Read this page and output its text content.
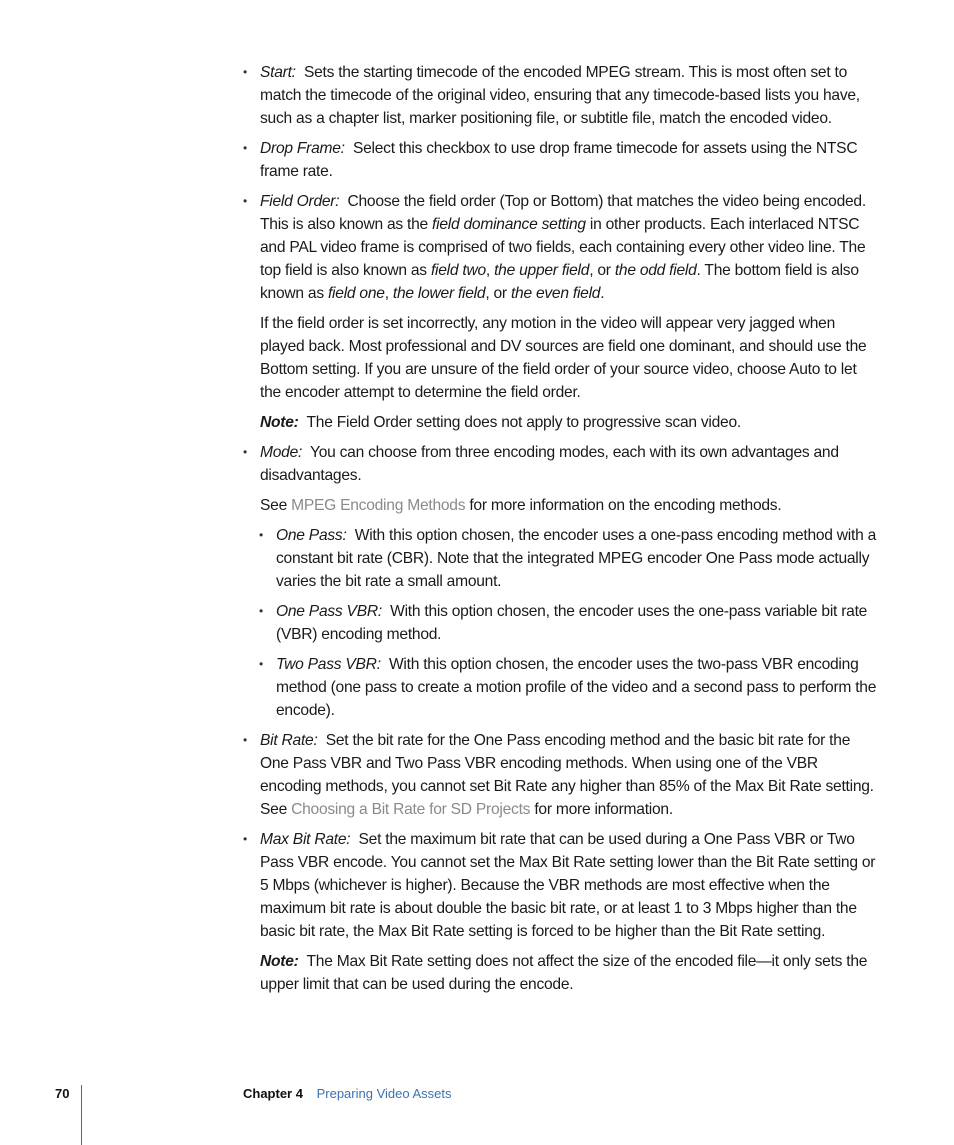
• Start: Sets the starting timecode of the encoded MPEG stream. This is most often set to match the timecode of the original video, ensuring that any timecode-based lists you have, such as a chapter list, marker positioning file, or subtitle file, match the encoded video.
• Drop Frame: Select this checkbox to use drop frame timecode for assets using the NTSC frame rate.
• Field Order: Choose the field order (Top or Bottom) that matches the video being encoded. This is also known as the field dominance setting in other products. Each interlaced NTSC and PAL video frame is comprised of two fields, each containing every other video line. The top field is also known as field two, the upper field, or the odd field. The bottom field is also known as field one, the lower field, or the even field.

If the field order is set incorrectly, any motion in the video will appear very jagged when played back. Most professional and DV sources are field one dominant, and should use the Bottom setting. If you are unsure of the field order of your source video, choose Auto to let the encoder attempt to determine the field order.

Note: The Field Order setting does not apply to progressive scan video.

• Mode: You can choose from three encoding modes, each with its own advantages and disadvantages.

See MPEG Encoding Methods for more information on the encoding methods.

• One Pass: With this option chosen, the encoder uses a one-pass encoding method with a constant bit rate (CBR). Note that the integrated MPEG encoder One Pass mode actually varies the bit rate a small amount.
• One Pass VBR: With this option chosen, the encoder uses the one-pass variable bit rate (VBR) encoding method.
• Two Pass VBR: With this option chosen, the encoder uses the two-pass VBR encoding method (one pass to create a motion profile of the video and a second pass to perform the encode).
• Bit Rate: Set the bit rate for the One Pass encoding method and the basic bit rate for the One Pass VBR and Two Pass VBR encoding methods. When using one of the VBR encoding methods, you cannot set Bit Rate any higher than 85% of the Max Bit Rate setting. See Choosing a Bit Rate for SD Projects for more information.
• Max Bit Rate: Set the maximum bit rate that can be used during a One Pass VBR or Two Pass VBR encode. You cannot set the Max Bit Rate setting lower than the Bit Rate setting or 5 Mbps (whichever is higher). Because the VBR methods are most effective when the maximum bit rate is about double the basic bit rate, or at least 1 to 3 Mbps higher than the basic bit rate, the Max Bit Rate setting is forced to be higher than the Bit Rate setting.

Note: The Max Bit Rate setting does not affect the size of the encoded file—it only sets the upper limit that can be used during the encode.

70	Chapter 4 Preparing Video Assets
